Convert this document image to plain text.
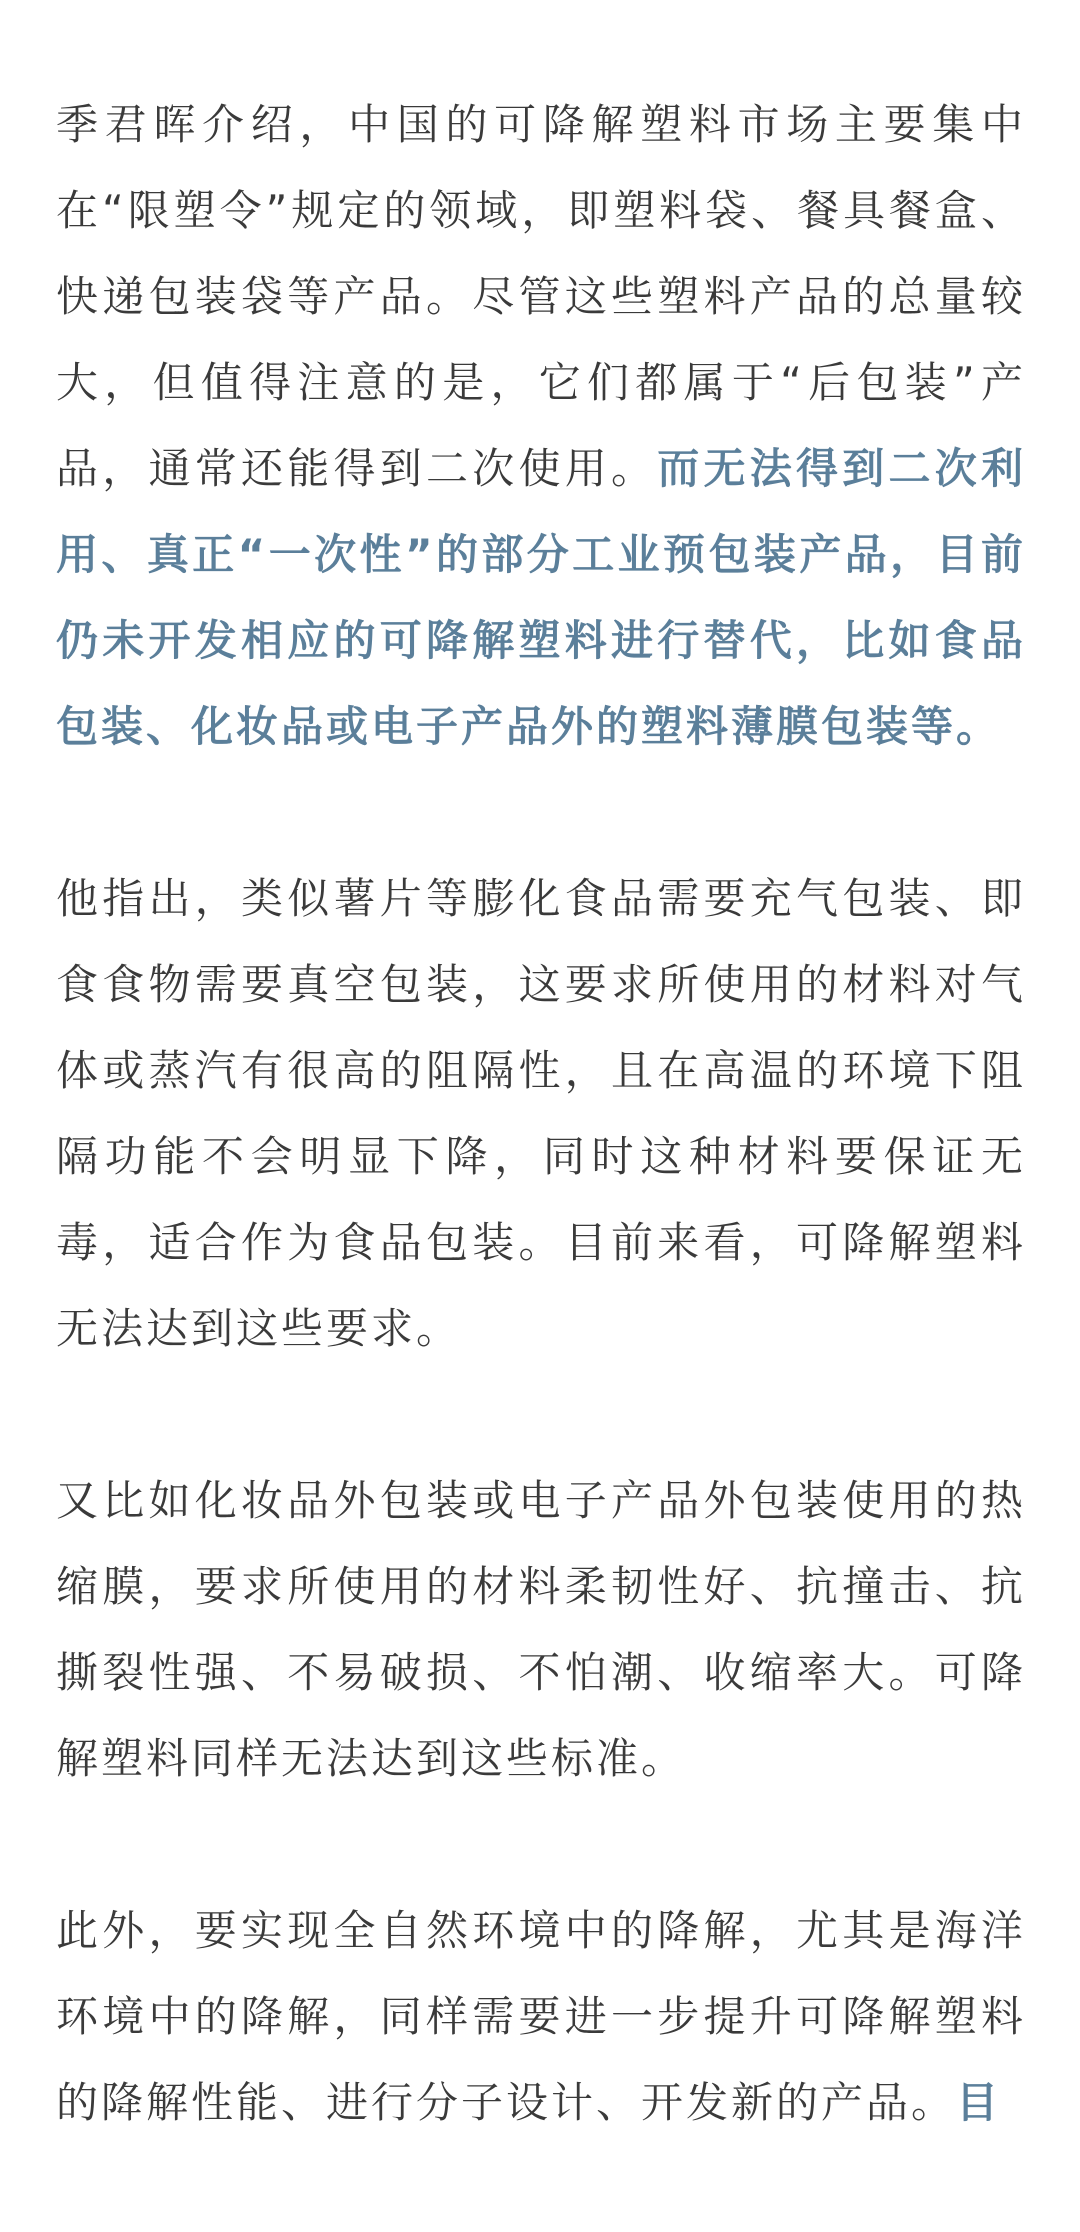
季君晖介绍，中国的可降解塑料市场主要集中在“限塑令”规定的领域，即塑料袋、餐具餐盒、快递包装袋等产品。尽管这些塑料产品的总量较大，但值得注意的是，它们都属于“后包装”产品，通常还能得到二次使用。而无法得到二次利用、真正“一次性”的部分工业预包装产品，目前仍未开发相应的可降解塑料进行替代，比如食品包装、化妆品或电子产品外的塑料薄膜包装等。

他指出，类似薯片等膨化食品需要充气包装、即食食物需要真空包装，这要求所使用的材料对气体或蒸汽有很高的阻隔性，且在高温的环境下阻隔功能不会明显下降，同时这种材料要保证无毒，适合作为食品包装。目前来看，可降解塑料无法达到这些要求。

又比如化妆品外包装或电子产品外包装使用的热缩膜，要求所使用的材料柔韧性好、抗撞击、抗撕裂性强、不易破损、不怕潮、收缩率大。可降解塑料同样无法达到这些标准。

此外，要实现全自然环境中的降解，尤其是海洋环境中的降解，同样需要进一步提升可降解塑料的降解性能、进行分子设计、开发新的产品。目
